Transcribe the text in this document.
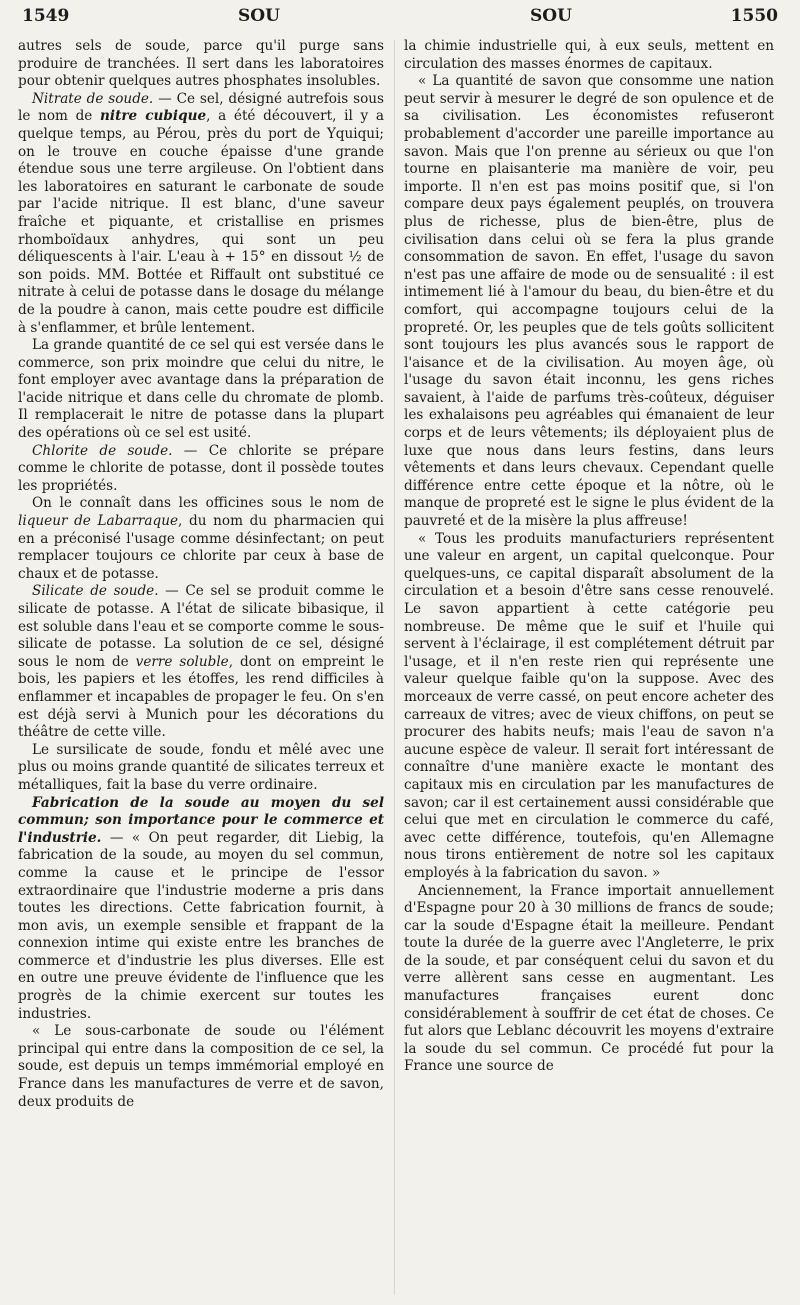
1549	SOU	SOU	1550

autres sels de soude, parce qu'il purge sans produire de tranchées. Il sert dans les laboratoires pour obtenir quelques autres phosphates insolubles.

Nitrate de soude. — Ce sel, désigné autrefois sous le nom de nitre cubique, a été découvert, il y a quelque temps, au Pérou, près du port de Yquiqui; on le trouve en couche épaisse d'une grande étendue sous une terre argileuse. On l'obtient dans les laboratoires en saturant le carbonate de soude par l'acide nitrique. Il est blanc, d'une saveur fraîche et piquante, et cristallise en prismes rhomboïdaux anhydres, qui sont un peu déliquescents à l'air. L'eau à + 15° en dissout ½ de son poids. MM. Bottée et Riffault ont substitué ce nitrate à celui de potasse dans le dosage du mélange de la poudre à canon, mais cette poudre est difficile à s'enflammer, et brûle lentement.

La grande quantité de ce sel qui est versée dans le commerce, son prix moindre que celui du nitre, le font employer avec avantage dans la préparation de l'acide nitrique et dans celle du chromate de plomb. Il remplacerait le nitre de potasse dans la plupart des opérations où ce sel est usité.

Chlorite de soude. — Ce chlorite se prépare comme le chlorite de potasse, dont il possède toutes les propriétés.

On le connaît dans les officines sous le nom de liqueur de Labarraque, du nom du pharmacien qui en a préconisé l'usage comme désinfectant; on peut remplacer toujours ce chlorite par ceux à base de chaux et de potasse.

Silicate de soude. — Ce sel se produit comme le silicate de potasse. A l'état de silicate bibasique, il est soluble dans l'eau et se comporte comme le sous-silicate de potasse. La solution de ce sel, désigné sous le nom de verre soluble, dont on empreint le bois, les papiers et les étoffes, les rend difficiles à enflammer et incapables de propager le feu. On s'en est déjà servi à Munich pour les décorations du théâtre de cette ville.

Le sursilicate de soude, fondu et mêlé avec une plus ou moins grande quantité de silicates terreux et métalliques, fait la base du verre ordinaire.

Fabrication de la soude au moyen du sel commun; son importance pour le commerce et l'industrie. — « On peut regarder, dit Liebig, la fabrication de la soude, au moyen du sel commun, comme la cause et le principe de l'essor extraordinaire que l'industrie moderne a pris dans toutes les directions. Cette fabrication fournit, à mon avis, un exemple sensible et frappant de la connexion intime qui existe entre les branches de commerce et d'industrie les plus diverses. Elle est en outre une preuve évidente de l'influence que les progrès de la chimie exercent sur toutes les industries.

« Le sous-carbonate de soude ou l'élément principal qui entre dans la composition de ce sel, la soude, est depuis un temps immémorial employé en France dans les manufactures de verre et de savon, deux produits de

la chimie industrielle qui, à eux seuls, mettent en circulation des masses énormes de capitaux.

« La quantité de savon que consomme une nation peut servir à mesurer le degré de son opulence et de sa civilisation. Les économistes refuseront probablement d'accorder une pareille importance au savon. Mais que l'on prenne au sérieux ou que l'on tourne en plaisanterie ma manière de voir, peu importe. Il n'en est pas moins positif que, si l'on compare deux pays également peuplés, on trouvera plus de richesse, plus de bien-être, plus de civilisation dans celui où se fera la plus grande consommation de savon. En effet, l'usage du savon n'est pas une affaire de mode ou de sensualité : il est intimement lié à l'amour du beau, du bien-être et du comfort, qui accompagne toujours celui de la propreté. Or, les peuples que de tels goûts sollicitent sont toujours les plus avancés sous le rapport de l'aisance et de la civilisation. Au moyen âge, où l'usage du savon était inconnu, les gens riches savaient, à l'aide de parfums très-coûteux, déguiser les exhalaisons peu agréables qui émanaient de leur corps et de leurs vêtements; ils déployaient plus de luxe que nous dans leurs festins, dans leurs vêtements et dans leurs chevaux. Cependant quelle différence entre cette époque et la nôtre, où le manque de propreté est le signe le plus évident de la pauvreté et de la misère la plus affreuse!

« Tous les produits manufacturiers représentent une valeur en argent, un capital quelconque. Pour quelques-uns, ce capital disparaît absolument de la circulation et a besoin d'être sans cesse renouvelé. Le savon appartient à cette catégorie peu nombreuse. De même que le suif et l'huile qui servent à l'éclairage, il est complétement détruit par l'usage, et il n'en reste rien qui représente une valeur quelque faible qu'on la suppose. Avec des morceaux de verre cassé, on peut encore acheter des carreaux de vitres; avec de vieux chiffons, on peut se procurer des habits neufs; mais l'eau de savon n'a aucune espèce de valeur. Il serait fort intéressant de connaître d'une manière exacte le montant des capitaux mis en circulation par les manufactures de savon; car il est certainement aussi considérable que celui que met en circulation le commerce du café, avec cette différence, toutefois, qu'en Allemagne nous tirons entièrement de notre sol les capitaux employés à la fabrication du savon. »

Anciennement, la France importait annuellement d'Espagne pour 20 à 30 millions de francs de soude; car la soude d'Espagne était la meilleure. Pendant toute la durée de la guerre avec l'Angleterre, le prix de la soude, et par conséquent celui du savon et du verre allèrent sans cesse en augmentant. Les manufactures françaises eurent donc considérablement à souffrir de cet état de choses. Ce fut alors que Leblanc découvrit les moyens d'extraire la soude du sel commun. Ce procédé fut pour la France une source de
